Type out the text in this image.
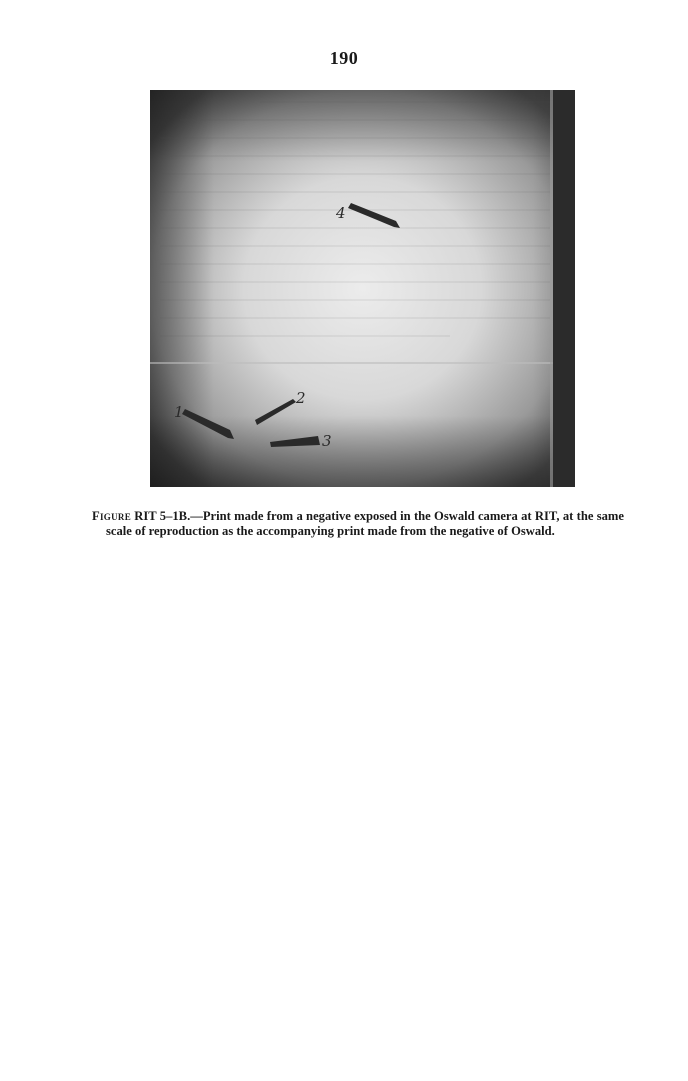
190
4
1
2
3
Figure RIT 5–1B.—Print made from a negative exposed in the Oswald camera at RIT, at the same scale of reproduction as the accompanying print made from the negative of Oswald.
